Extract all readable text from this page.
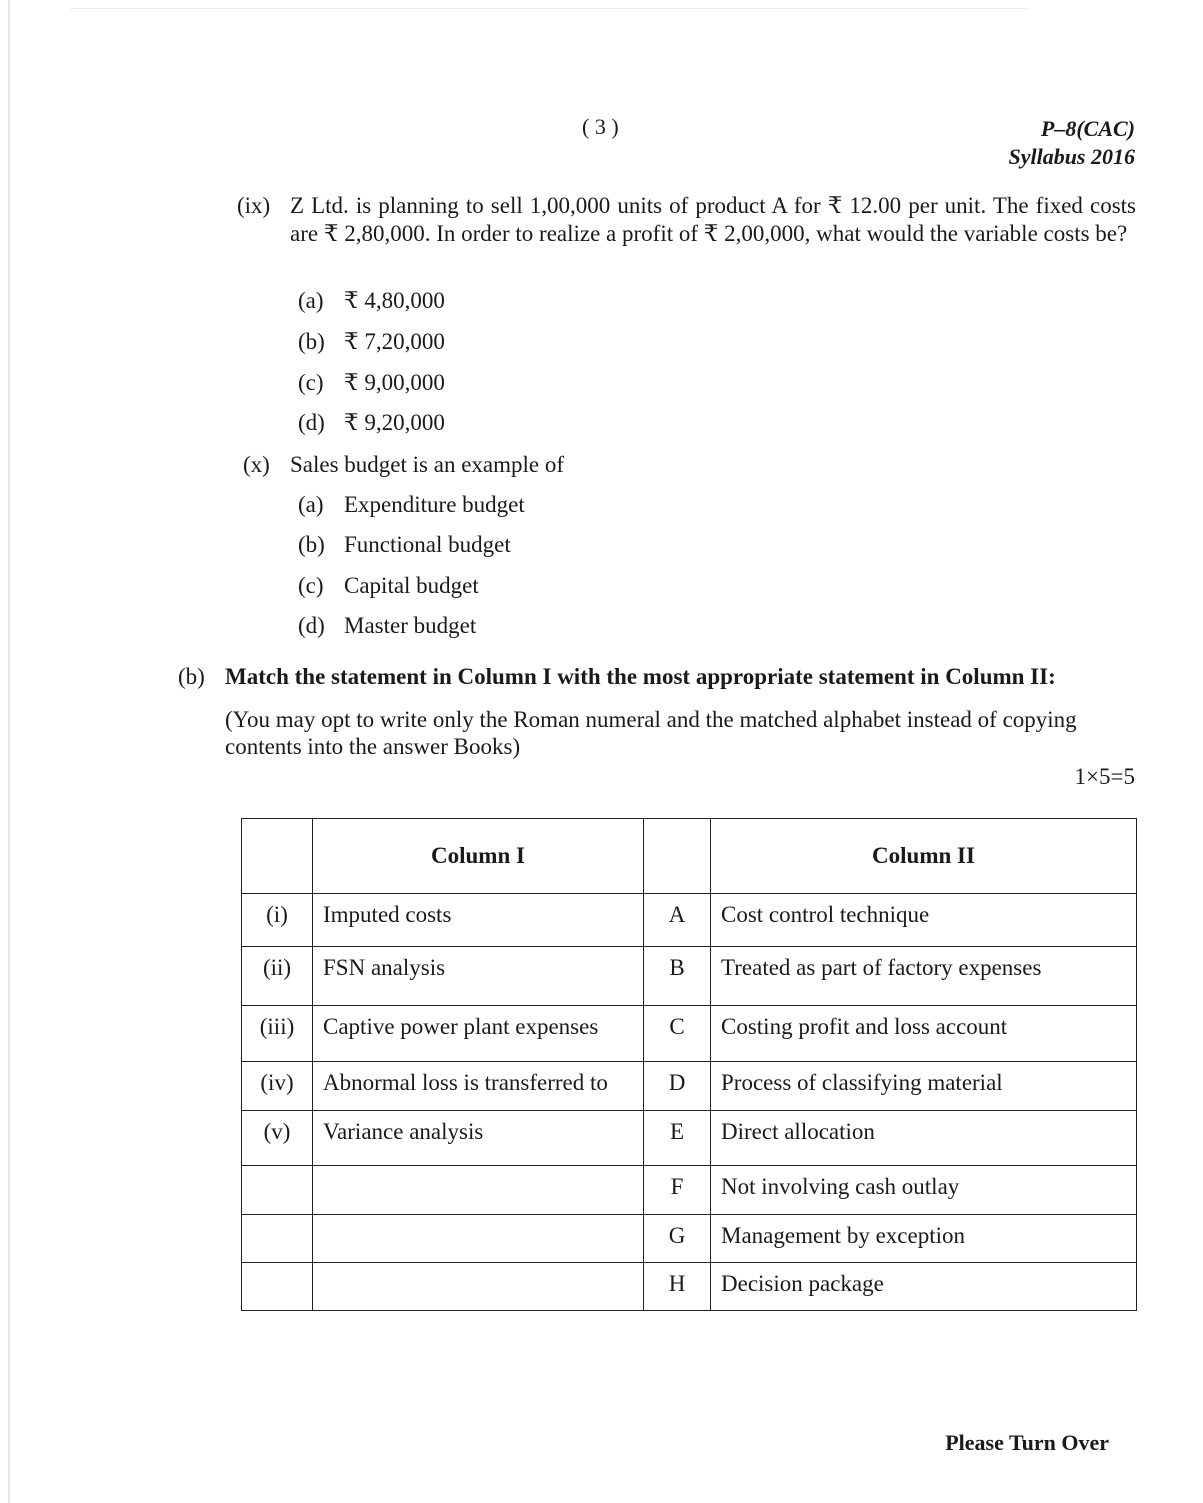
( 3 )	P–8(CAC)
Syllabus 2016
(ix) Z Ltd. is planning to sell 1,00,000 units of product A for ₹ 12.00 per unit. The fixed costs are ₹ 2,80,000. In order to realize a profit of ₹ 2,00,000, what would the variable costs be?
(a) ₹ 4,80,000
(b) ₹ 7,20,000
(c) ₹ 9,00,000
(d) ₹ 9,20,000
(x) Sales budget is an example of
(a) Expenditure budget
(b) Functional budget
(c) Capital budget
(d) Master budget
(b) Match the statement in Column I with the most appropriate statement in Column II:
(You may opt to write only the Roman numeral and the matched alphabet instead of copying contents into the answer Books)
1×5=5
	Column I		Column II
(i)	Imputed costs	A	Cost control technique
(ii)	FSN analysis	B	Treated as part of factory expenses
(iii)	Captive power plant expenses	C	Costing profit and loss account
(iv)	Abnormal loss is transferred to	D	Process of classifying material
(v)	Variance analysis	E	Direct allocation
		F	Not involving cash outlay
		G	Management by exception
		H	Decision package
Please Turn Over
